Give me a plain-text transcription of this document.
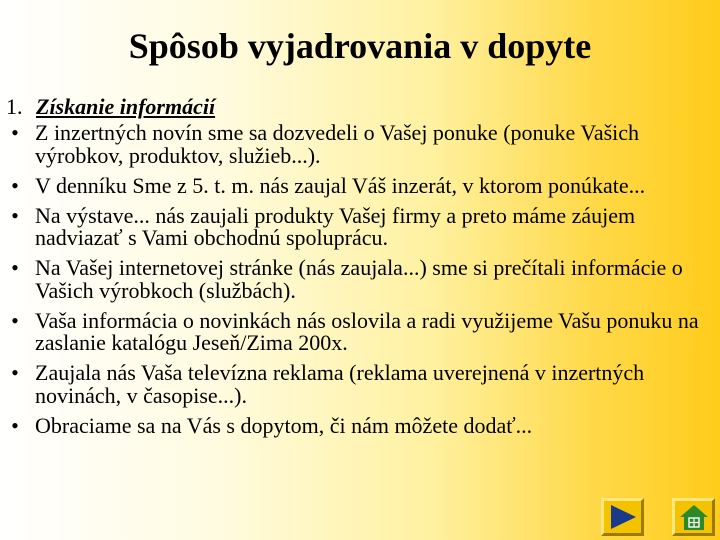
Spôsob vyjadrovania v dopyte
1. Získanie informácií
• Z inzertných novín sme sa dozvedeli o Vašej ponuke (ponuke Vašich výrobkov, produktov, služieb...).
• V denníku Sme z 5. t. m. nás zaujal Váš inzerát, v ktorom ponúkate...
• Na výstave... nás zaujali produkty Vašej firmy a preto máme záujem nadviazať s Vami obchodnú spoluprácu.
• Na Vašej internetovej stránke (nás zaujala...) sme si prečítali informácie o Vašich výrobkoch (službách).
• Vaša informácia o novinkách nás oslovila a radi využijeme Vašu ponuku na zaslanie katalógu Jeseň/Zima 200x.
• Zaujala nás Vaša televízna reklama (reklama uverejnená v inzertných novinách, v časopise...).
• Obraciame sa na Vás s dopytom, či nám môžete dodať...
